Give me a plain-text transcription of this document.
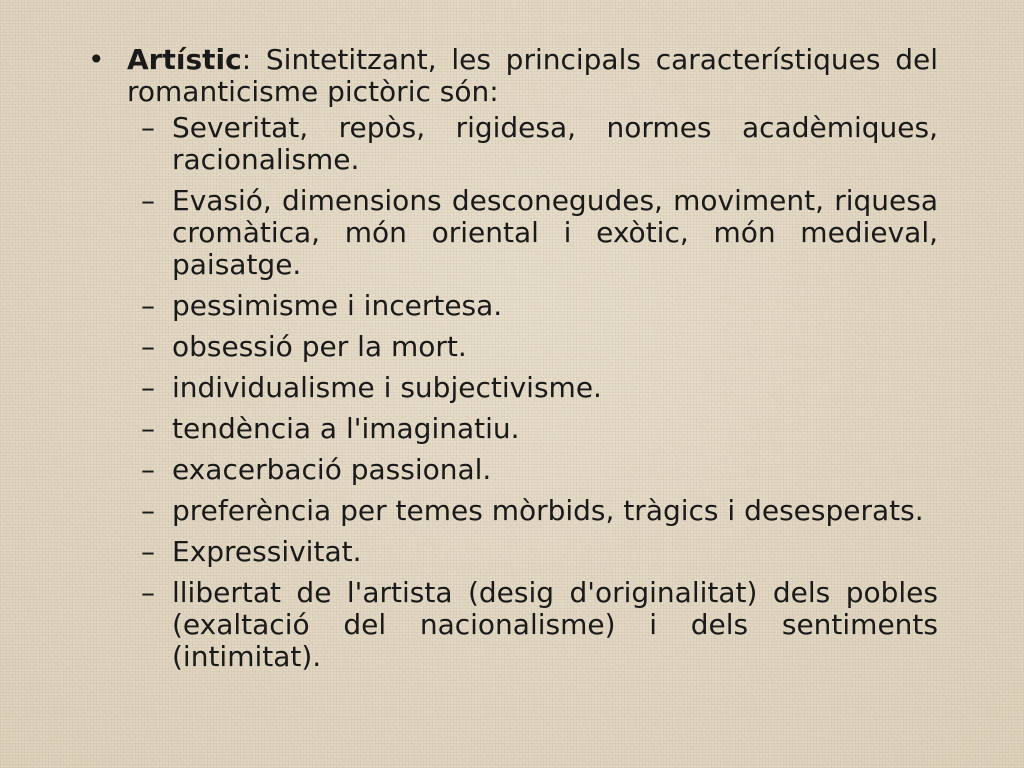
• Artístic: Sintetitzant, les principals característiques del romanticisme pictòric són:
– Severitat, repòs, rigidesa, normes acadèmiques, racionalisme.
– Evasió, dimensions desconegudes, moviment, riquesa cromàtica, món oriental i exòtic, món medieval, paisatge.
– pessimisme i incertesa.
– obsessió per la mort.
– individualisme i subjectivisme.
– tendència a l'imaginatiu.
– exacerbació passional.
– preferència per temes mòrbids, tràgics i desesperats.
– Expressivitat.
– llibertat de l'artista (desig d'originalitat) dels pobles (exaltació del nacionalisme) i dels sentiments (intimitat).
